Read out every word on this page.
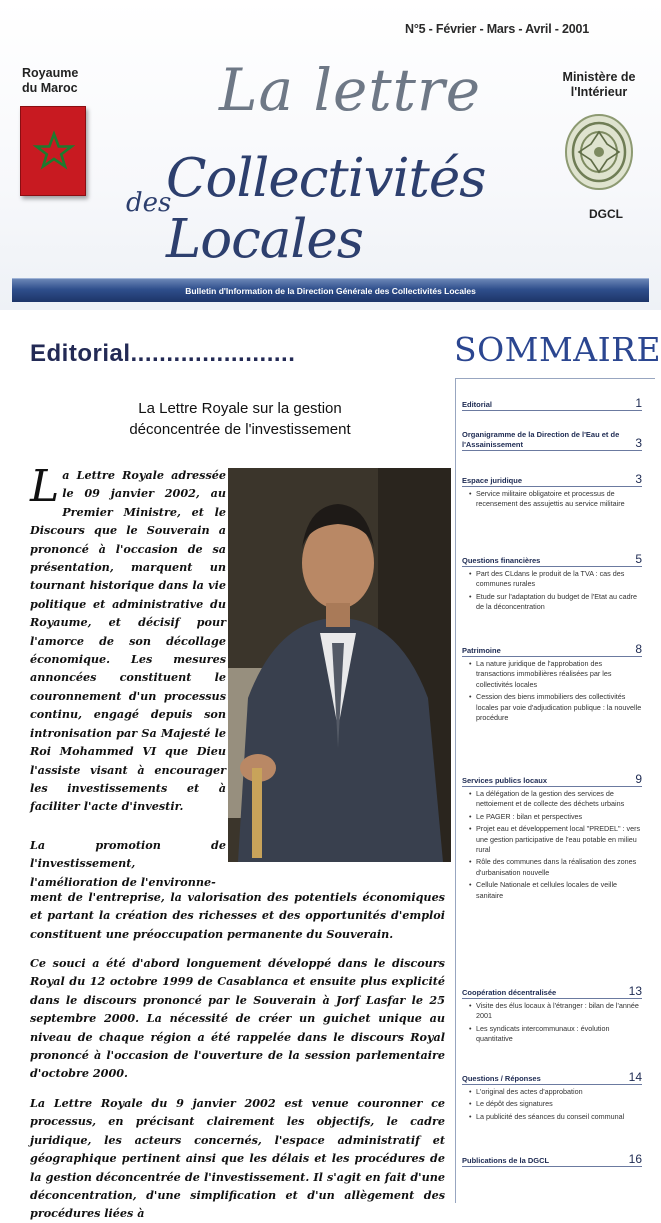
N°5 - Février - Mars - Avril - 2001
Royaume
du Maroc
Ministère de
l'Intérieur
DGCL
La lettre
des
Collectivités Locales
Bulletin d'Information de la Direction Générale des Collectivités Locales
Editorial.......................	SOMMAIRE
La Lettre Royale sur la gestion
déconcentrée de l'investissement
La Lettre Royale adressée le 09 janvier 2002, au Premier Ministre, et le Discours que le Souverain a prononcé à l'occasion de sa présentation, marquent un tournant historique dans la vie politique et administrative du Royaume, et décisif pour l'amorce de son décollage économique. Les mesures annoncées constituent le couronnement d'un processus continu, engagé depuis son intronisation par Sa Majesté le Roi Mohammed VI que Dieu l'assiste visant à encourager les investissements et à faciliter l'acte d'investir.
La promotion de l'investissement, l'amélioration de l'environne-
ment de l'entreprise, la valorisation des potentiels économiques et partant la création des richesses et des opportunités d'emploi constituent une préoccupation permanente du Souverain.
Ce souci a été d'abord longuement développé dans le discours Royal du 12 octobre 1999 de Casablanca et ensuite plus explicité dans le discours prononcé par le Souverain à Jorf Lasfar le 25 septembre 2000. La nécessité de créer un guichet unique au niveau de chaque région a été rappelée dans le discours Royal prononcé à l'occasion de l'ouverture de la session parlementaire d'octobre 2000.
La Lettre Royale du 9 janvier 2002 est venue couronner ce processus, en précisant clairement les objectifs, le cadre juridique, les acteurs concernés, l'espace administratif et géographique pertinent ainsi que les délais et les procédures de la gestion déconcentrée de l'investissement. Il s'agit en fait d'une déconcentration, d'une simplification et d'un allègement des procédures liées à
Editorial	1
Organigramme de la Direction de l'Eau et de l'Assainissement	3
Espace juridique	3
• Service militaire obligatoire et processus de recensement des assujettis au service militaire
Questions financières	5
• Part des CLdans le produit de la TVA : cas des communes rurales
• Etude sur l'adaptation du budget de l'Etat au cadre de la déconcentration
Patrimoine	8
• La nature juridique de l'approbation des transactions immobilières réalisées par les collectivités locales
• Cession des biens immobiliers des collectivités locales par voie d'adjudication publique : la nouvelle procédure
Services publics locaux	9
• La délégation de la gestion des services de nettoiement et de collecte des déchets urbains
• Le PAGER : bilan et perspectives
• Projet eau et développement local "PREDEL" : vers une gestion participative de l'eau potable en milieu rural
• Rôle des communes dans la réalisation des zones d'urbanisation nouvelle
• Cellule Nationale et cellules locales de veille sanitaire
Coopération décentralisée	13
• Visite des élus locaux à l'étranger : bilan de l'année 2001
• Les syndicats intercommunaux : évolution quantitative
Questions / Réponses	14
• L'original des actes d'approbation
• Le dépôt des signatures
• La publicité des séances du conseil communal
Publications de la DGCL	16
